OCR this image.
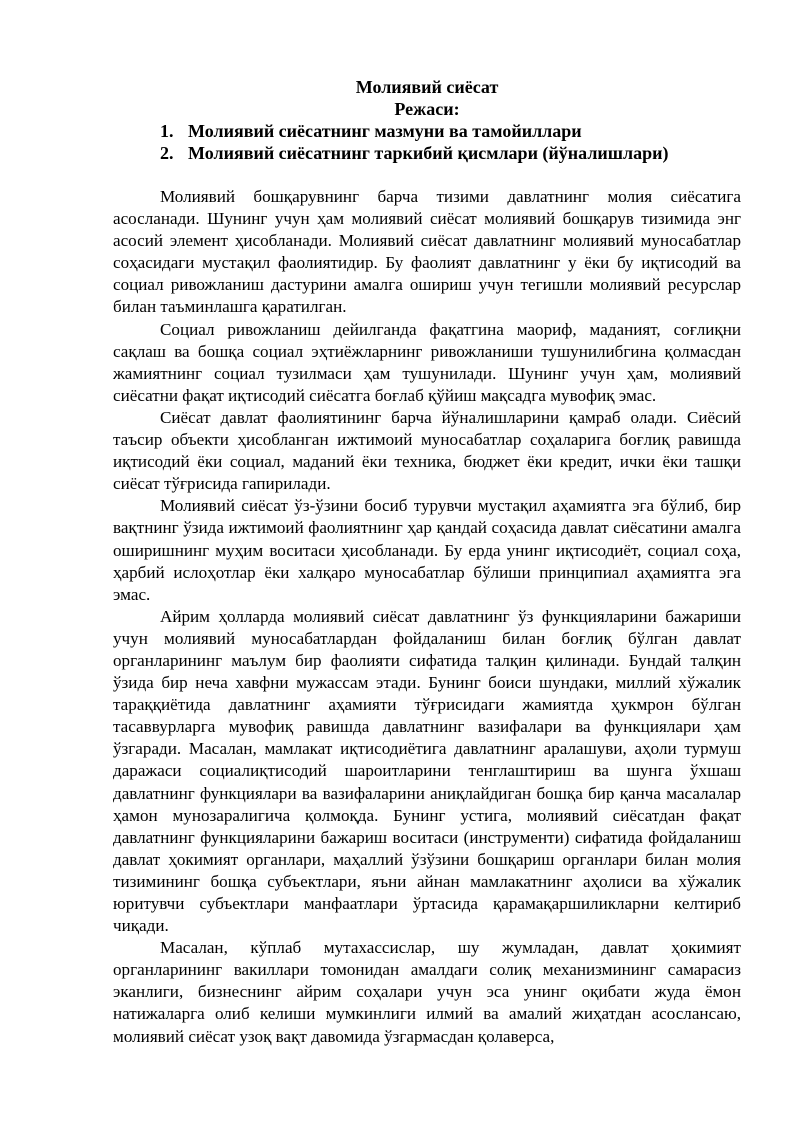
Молиявий сиёсат
Режаси:
1. Молиявий сиёсатнинг мазмуни ва тамойиллари
2. Молиявий сиёсатнинг таркибий қисмлари (йўналишлари)

Молиявий бошқарувнинг барча тизими давлатнинг молия сиёсатига асосланади. Шунинг учун ҳам молиявий сиёсат молиявий бошқарув тизимида энг асосий элемент ҳисобланади. Молиявий сиёсат давлатнинг молиявий муносабатлар соҳасидаги мустақил фаолиятидир. Бу фаолият давлатнинг у ёки бу иқтисодий ва социал ривожланиш дастурини амалга ошириш учун тегишли молиявий ресурслар билан таъминлашга қаратилган.

Социал ривожланиш дейилганда фақатгина маориф, маданият, соғлиқни сақлаш ва бошқа социал эҳтиёжларнинг ривожланиши тушунилибгина қолмасдан жамиятнинг социал тузилмаси ҳам тушунилади. Шунинг учун ҳам, молиявий сиёсатни фақат иқтисодий сиёсатга боғлаб қўйиш мақсадга мувофиқ эмас.

Сиёсат давлат фаолиятининг барча йўналишларини қамраб олади. Сиёсий таъсир объекти ҳисобланган ижтимоий муносабатлар соҳаларига боғлиқ равишда иқтисодий ёки социал, маданий ёки техника, бюджет ёки кредит, ички ёки ташқи сиёсат тўғрисида гапирилади.

Молиявий сиёсат ўз-ўзини босиб турувчи мустақил аҳамиятга эга бўлиб, бир вақтнинг ўзида ижтимоий фаолиятнинг ҳар қандай соҳасида давлат сиёсатини амалга оширишнинг муҳим воситаси ҳисобланади. Бу ерда унинг иқтисодиёт, социал соҳа, ҳарбий ислоҳотлар ёки халқаро муносабатлар бўлиши принципиал аҳамиятга эга эмас.

Айрим ҳолларда молиявий сиёсат давлатнинг ўз функцияларини бажариши учун молиявий муносабатлардан фойдаланиш билан боғлиқ бўлган давлат органларининг маълум бир фаолияти сифатида талқин қилинади. Бундай талқин ўзида бир неча хавфни мужассам этади. Бунинг боиси шундаки, миллий хўжалик тараққиётида давлатнинг аҳамияти тўғрисидаги жамиятда ҳукмрон бўлган тасаввурларга мувофиқ равишда давлатнинг вазифалари ва функциялари ҳам ўзгаради. Масалан, мамлакат иқтисодиётига давлатнинг аралашуви, аҳоли турмуш даражаси социалиқтисодий шароитларини тенглаштириш ва шунга ўхшаш давлатнинг функциялари ва вазифаларини аниқлайдиган бошқа бир қанча масалалар ҳамон мунозаралигича қолмоқда. Бунинг устига, молиявий сиёсатдан фақат давлатнинг функцияларини бажариш воситаси (инструменти) сифатида фойдаланиш давлат ҳокимият органлари, маҳаллий ўзўзини бошқариш органлари билан молия тизимининг бошқа субъектлари, яъни айнан мамлакатнинг аҳолиси ва хўжалик юритувчи субъектлари манфаатлари ўртасида қарамақаршиликларни келтириб чиқади.

Масалан, кўплаб мутахассислар, шу жумладан, давлат ҳокимият органларининг вакиллари томонидан амалдаги солиқ механизмининг самарасиз эканлиги, бизнеснинг айрим соҳалари учун эса унинг оқибати жуда ёмон натижаларга олиб келиши мумкинлиги илмий ва амалий жиҳатдан асослансаю, молиявий сиёсат узоқ вақт давомида ўзгармасдан қолаверса,
